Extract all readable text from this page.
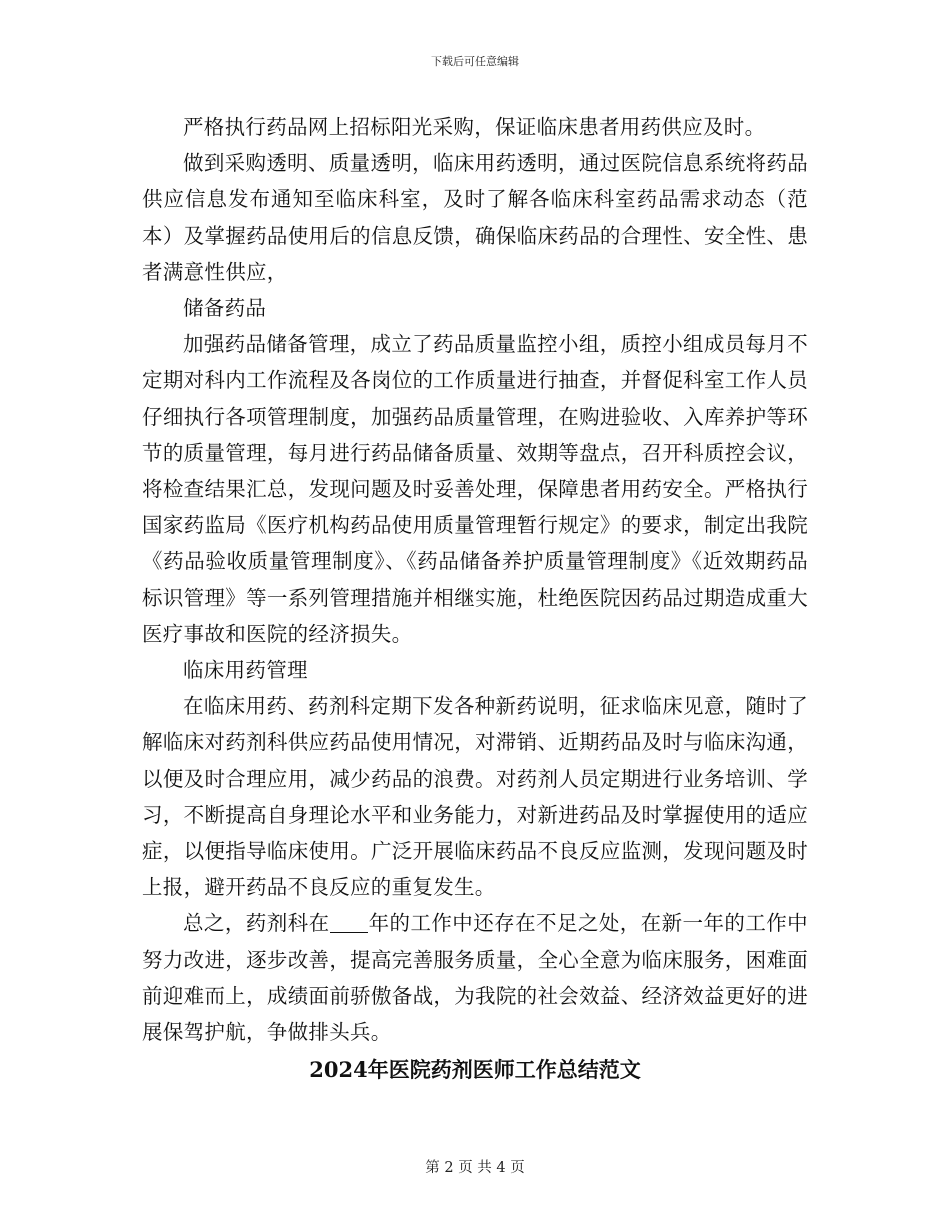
下载后可任意编辑

严格执行药品网上招标阳光采购，保证临床患者用药供应及时。

做到采购透明、质量透明，临床用药透明，通过医院信息系统将药品供应信息发布通知至临床科室，及时了解各临床科室药品需求动态（范本）及掌握药品使用后的信息反馈，确保临床药品的合理性、安全性、患者满意性供应，

储备药品

加强药品储备管理，成立了药品质量监控小组，质控小组成员每月不定期对科内工作流程及各岗位的工作质量进行抽查，并督促科室工作人员仔细执行各项管理制度，加强药品质量管理，在购进验收、入库养护等环节的质量管理，每月进行药品储备质量、效期等盘点，召开科质控会议，将检查结果汇总，发现问题及时妥善处理，保障患者用药安全。严格执行国家药监局《医疗机构药品使用质量管理暂行规定》的要求，制定出我院《药品验收质量管理制度》、《药品储备养护质量管理制度》《近效期药品标识管理》等一系列管理措施并相继实施，杜绝医院因药品过期造成重大医疗事故和医院的经济损失。

临床用药管理

在临床用药、药剂科定期下发各种新药说明，征求临床见意，随时了解临床对药剂科供应药品使用情况，对滞销、近期药品及时与临床沟通，以便及时合理应用，减少药品的浪费。对药剂人员定期进行业务培训、学习，不断提高自身理论水平和业务能力，对新进药品及时掌握使用的适应症，以便指导临床使用。广泛开展临床药品不良反应监测，发现问题及时上报，避开药品不良反应的重复发生。

总之，药剂科在 年的工作中还存在不足之处，在新一年的工作中努力改进，逐步改善，提高完善服务质量，全心全意为临床服务，困难面前迎难而上，成绩面前骄傲备战，为我院的社会效益、经济效益更好的进展保驾护航，争做排头兵。

2024年医院药剂医师工作总结范文

第 2 页 共 4 页
